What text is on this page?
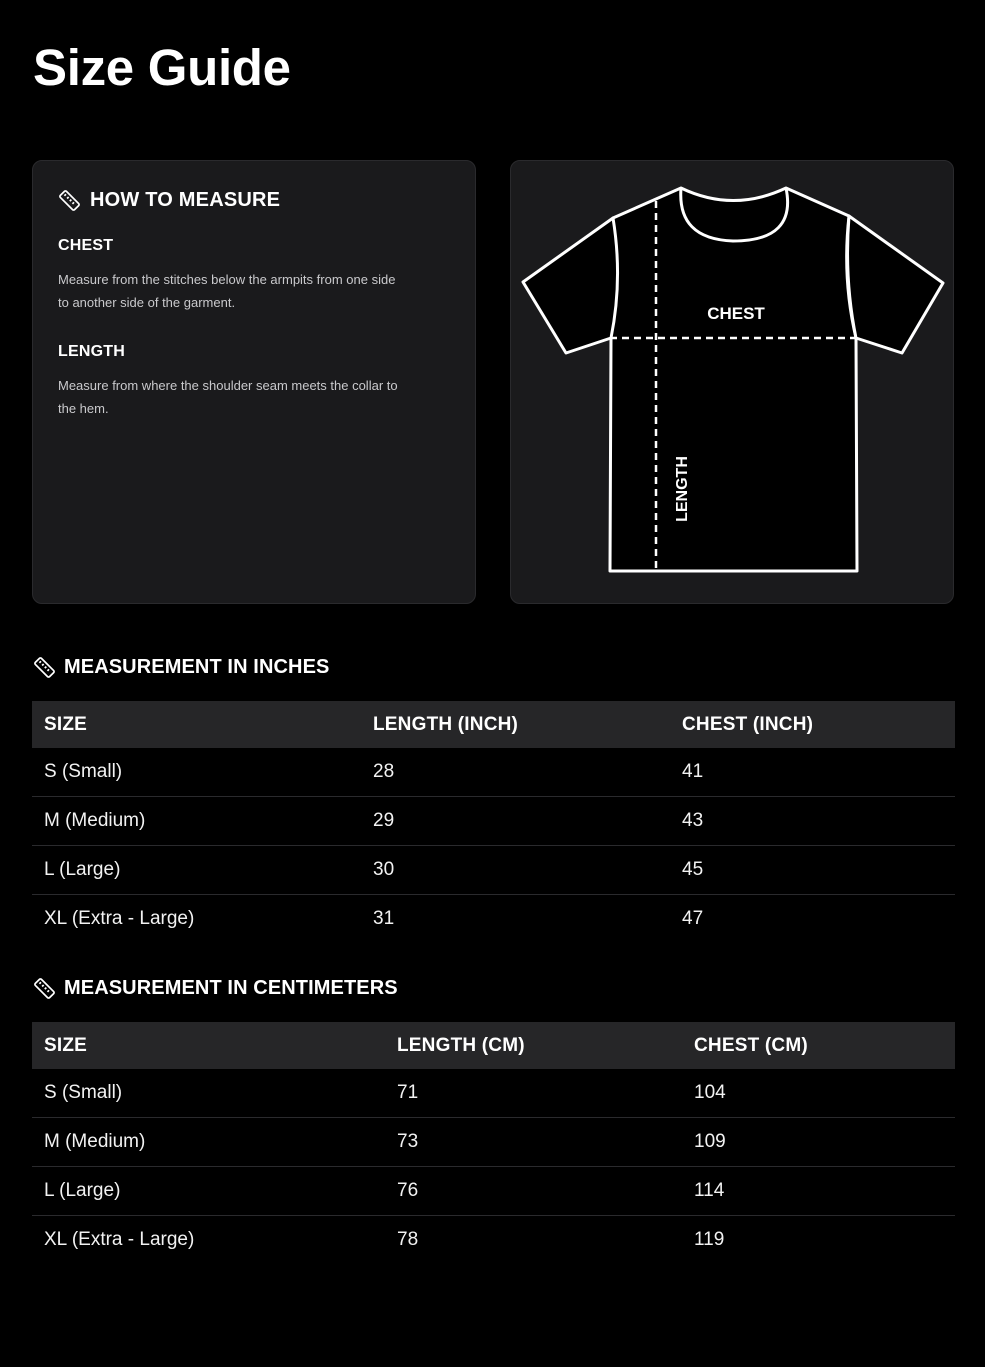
Size Guide
HOW TO MEASURE
CHEST
Measure from the stitches below the armpits from one side to another side of the garment.
LENGTH
Measure from where the shoulder seam meets the collar to the hem.
CHEST
LENGTH
MEASUREMENT IN INCHES
SIZE	LENGTH (INCH)	CHEST (INCH)
S (Small)	28	41
M (Medium)	29	43
L (Large)	30	45
XL (Extra - Large)	31	47
MEASUREMENT IN CENTIMETERS
SIZE	LENGTH (CM)	CHEST (CM)
S (Small)	71	104
M (Medium)	73	109
L (Large)	76	114
XL (Extra - Large)	78	119
